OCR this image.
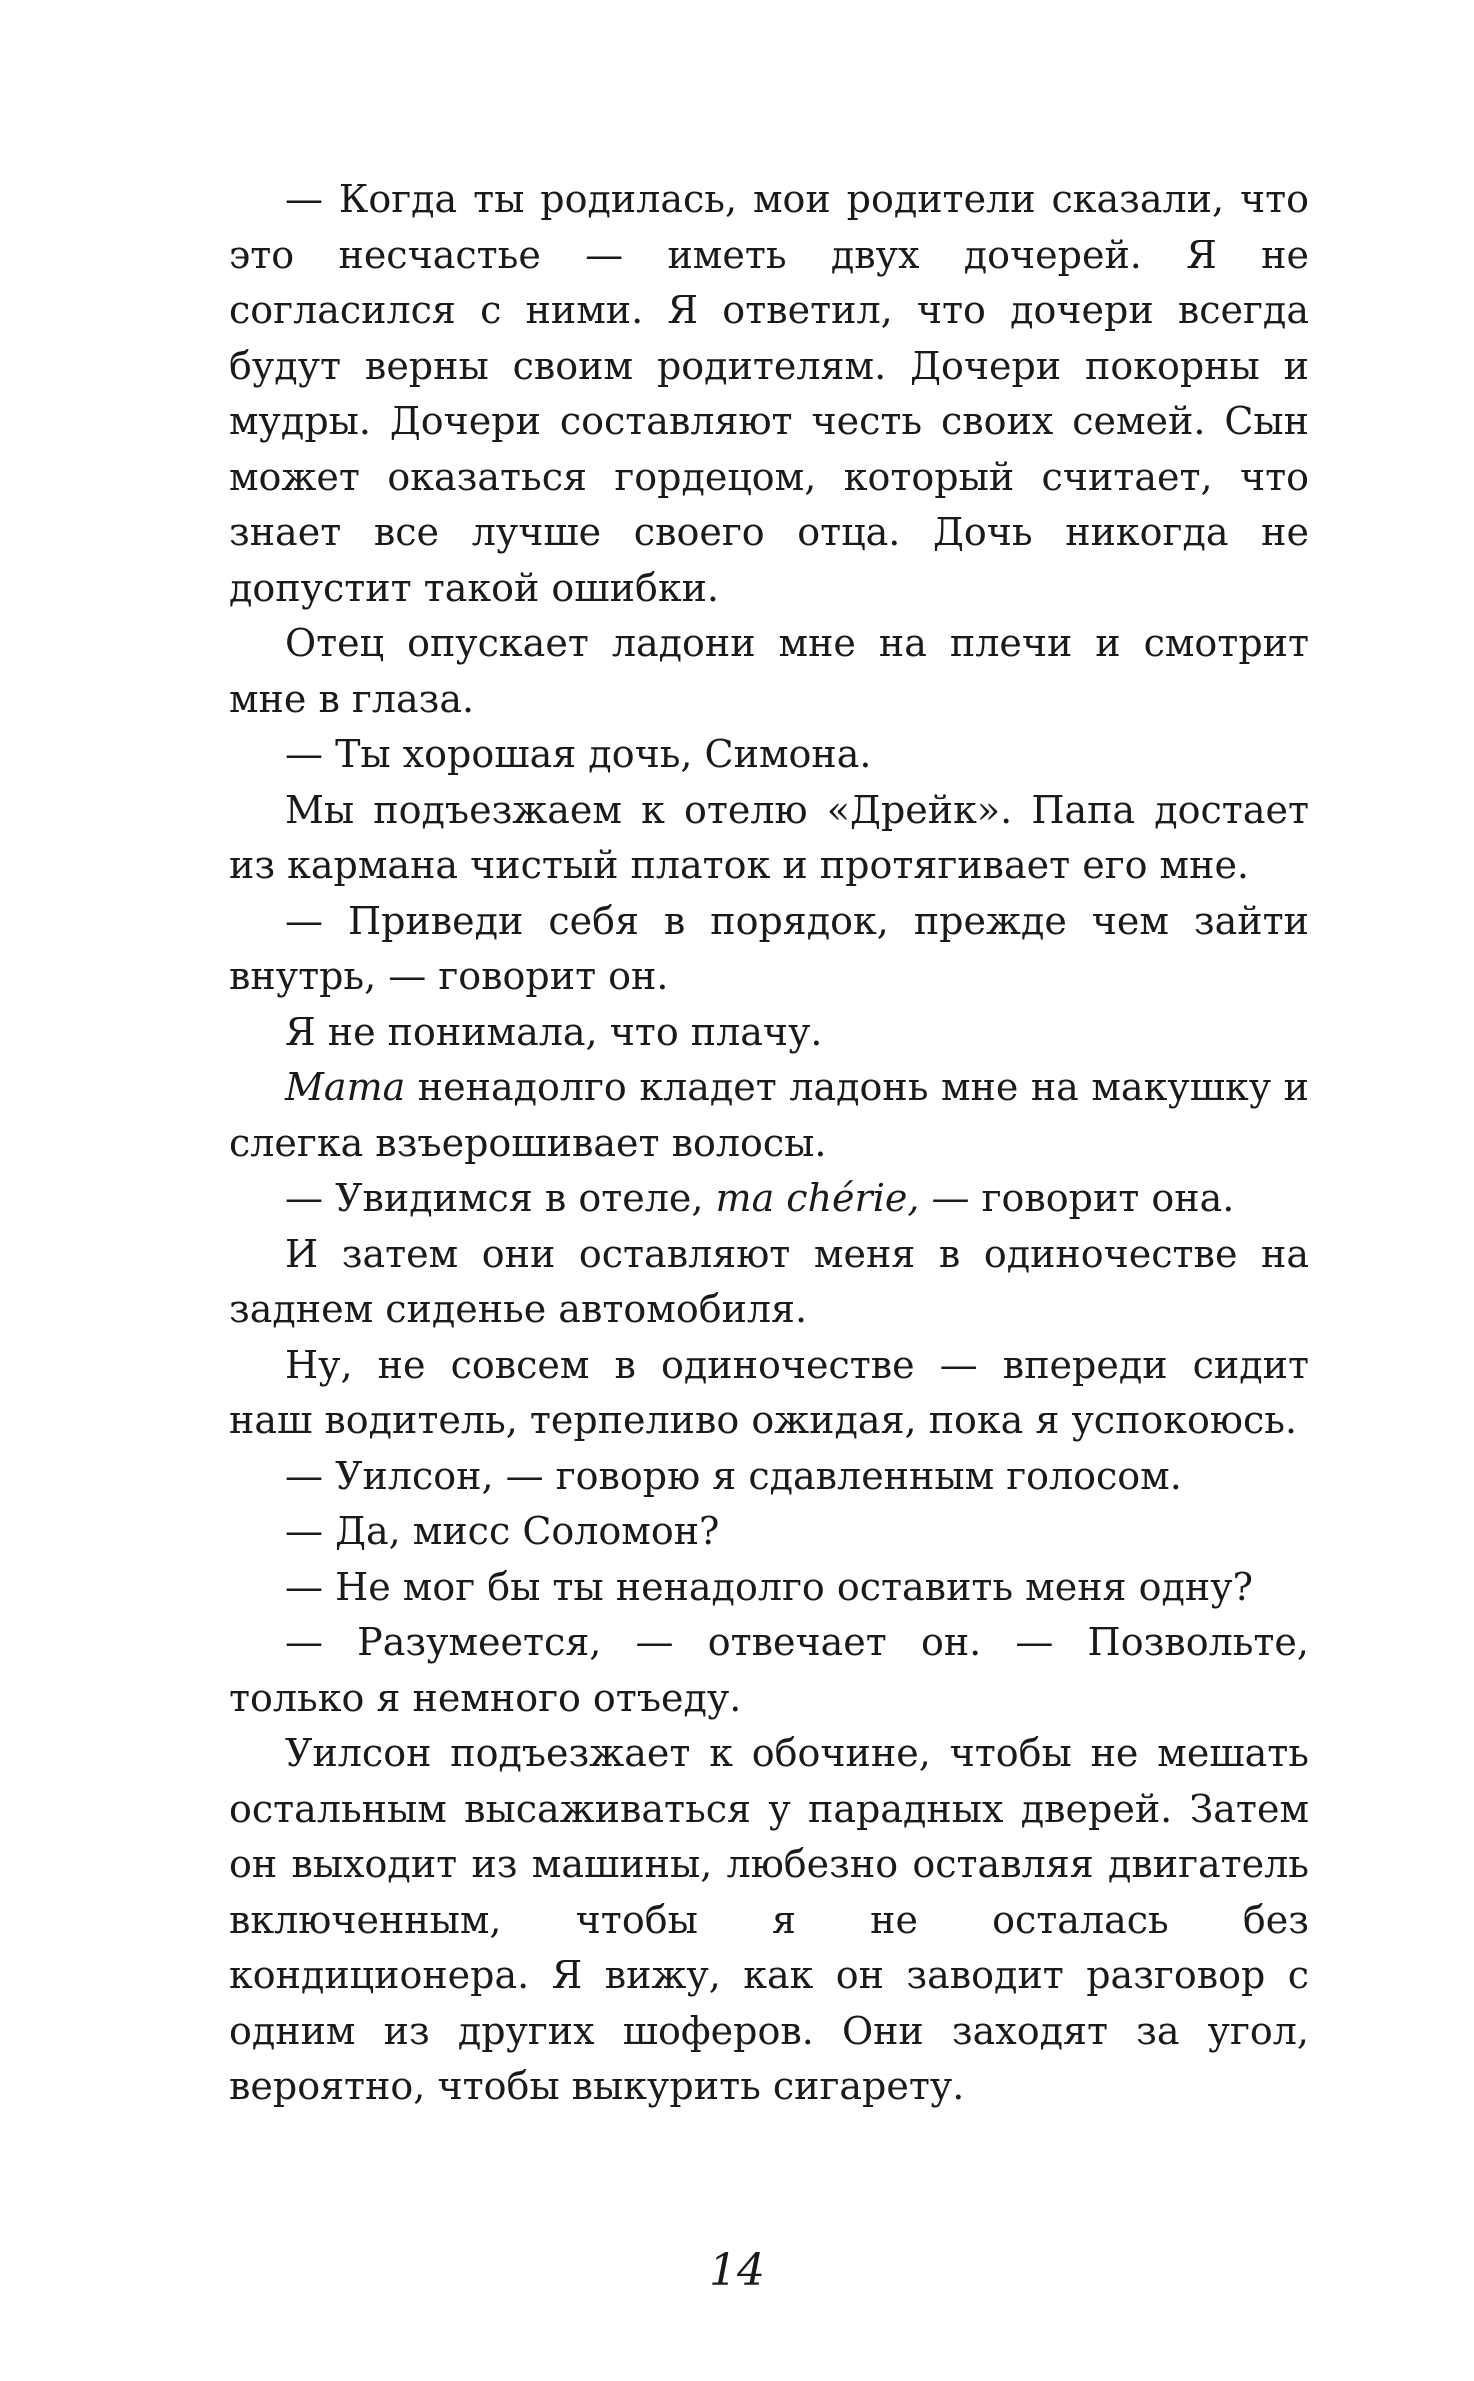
— Когда ты родилась, мои родители сказали, что это несчастье — иметь двух дочерей. Я не согласился с ними. Я ответил, что дочери всегда будут верны своим родителям. Дочери покорны и мудры. Дочери составляют честь своих семей. Сын может оказаться гордецом, который считает, что знает все лучше своего отца. Дочь никогда не допустит такой ошибки.

Отец опускает ладони мне на плечи и смотрит мне в глаза.

— Ты хорошая дочь, Симона.

Мы подъезжаем к отелю «Дрейк». Папа достает из кармана чистый платок и протягивает его мне.

— Приведи себя в порядок, прежде чем зайти внутрь, — говорит он.

Я не понимала, что плачу.

Мата ненадолго кладет ладонь мне на макушку и слегка взъерошивает волосы.

— Увидимся в отеле, ma chérie, — говорит она.

И затем они оставляют меня в одиночестве на заднем сиденье автомобиля.

Ну, не совсем в одиночестве — впереди сидит наш водитель, терпеливо ожидая, пока я успокоюсь.

— Уилсон, — говорю я сдавленным голосом.

— Да, мисс Соломон?

— Не мог бы ты ненадолго оставить меня одну?

— Разумеется, — отвечает он. — Позвольте, только я немного отъеду.

Уилсон подъезжает к обочине, чтобы не мешать остальным высаживаться у парадных дверей. Затем он выходит из машины, любезно оставляя двигатель включенным, чтобы я не осталась без кондиционера. Я вижу, как он заводит разговор с одним из других шоферов. Они заходят за угол, вероятно, чтобы выкурить сигарету.

14
